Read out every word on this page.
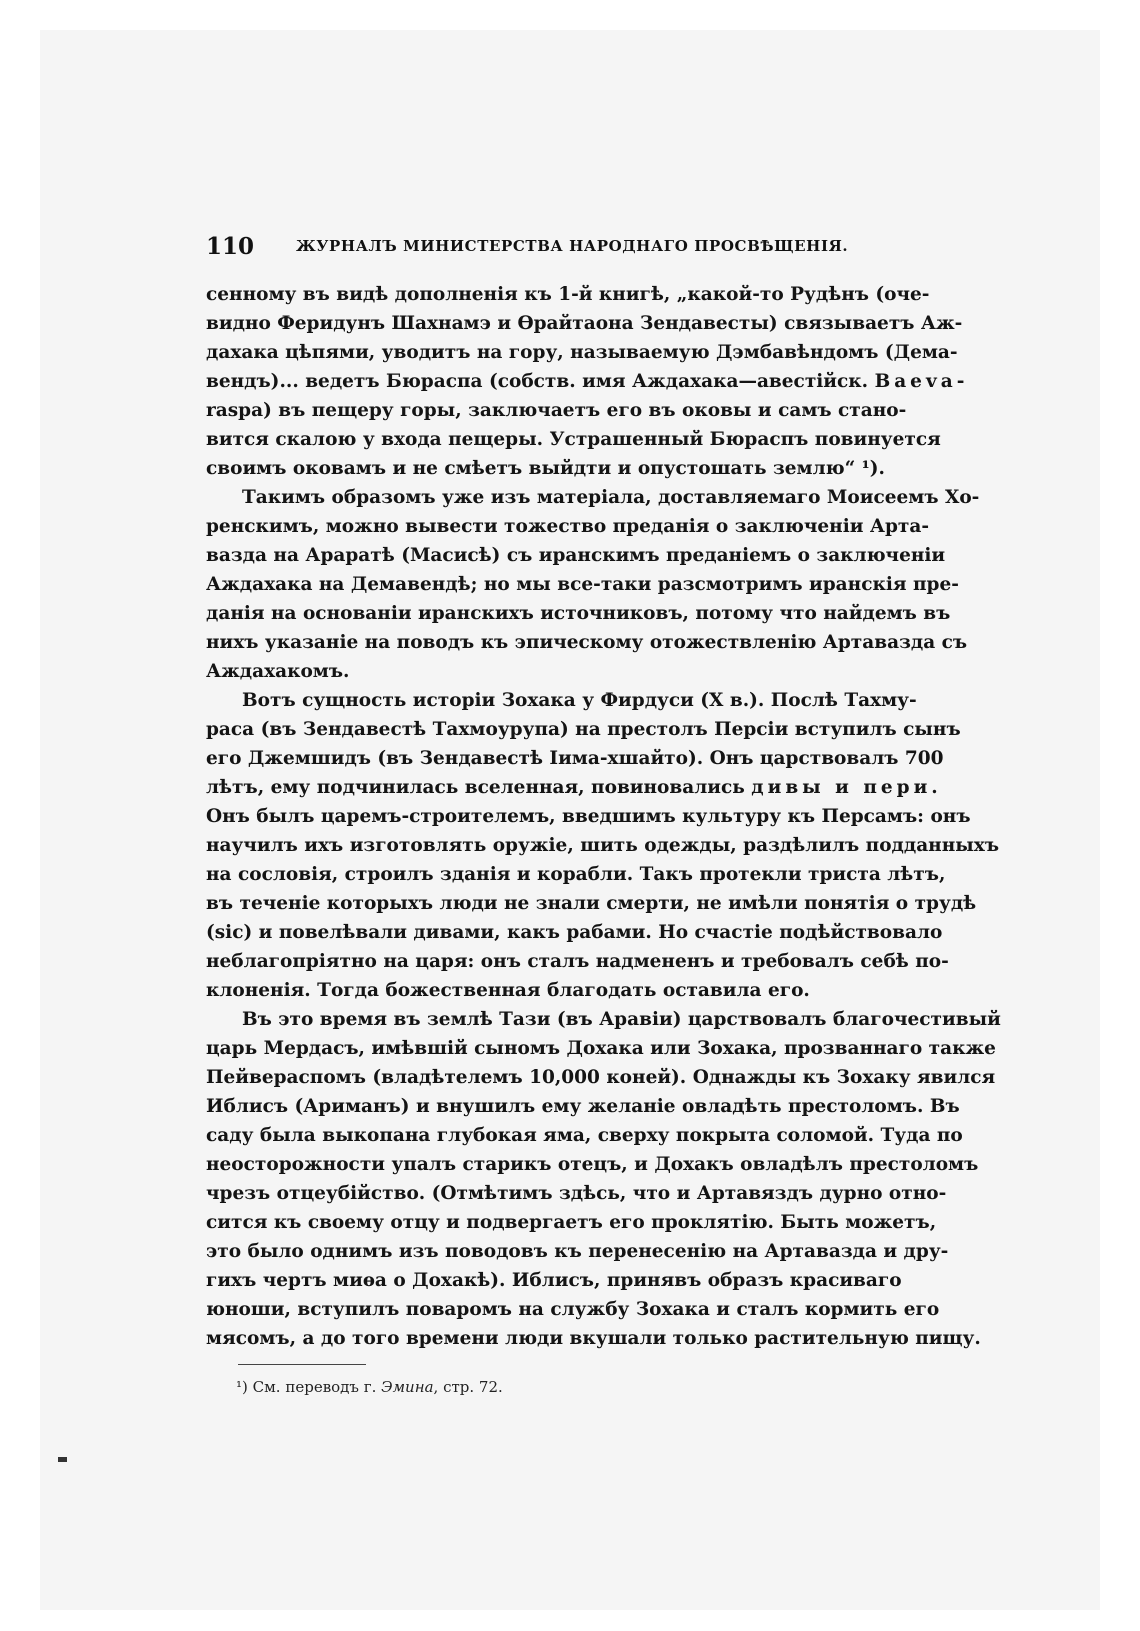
110	ЖУРНАЛЪ МИНИСТЕРСТВА НАРОДНАГО ПРОСВѢЩЕНІЯ.
сенному въ видѣ дополненія къ 1-й книгѣ, „какой-то Рудѣнъ (оче-
видно Феридунъ Шахнамэ и Ѳрайтаона Зендавесты) связываетъ Аж-
дахака цѣпями, уводитъ на гору, называемую Дэмбавѣндомъ (Дема-
вендъ)... ведетъ Бюраспа (собств. имя Аждахака—авестійск. Baeva-
rаsра) въ пещеру горы, заключаетъ его въ оковы и самъ стано-
вится скалою у входа пещеры. Устрашенный Бюраспъ повинуется
своимъ оковамъ и не смѣетъ выйдти и опустошать землю“ ¹).
Такимъ образомъ уже изъ матеріала, доставляемаго Моисеемъ Хо-
ренскимъ, можно вывести тожество преданія о заключеніи Арта-
вазда на Араратѣ (Масисѣ) съ иранскимъ преданіемъ о заключеніи
Аждахака на Демавендѣ; но мы все-таки разсмотримъ иранскія пре-
данія на основаніи иранскихъ источниковъ, потому что найдемъ въ
нихъ указаніе на поводъ къ эпическому отожествленію Артавазда съ
Аждахакомъ.
Вотъ сущность исторіи Зохака у Фирдуси (X в.). Послѣ Тахму-
раса (въ Зендавестѣ Тахмоурупа) на престолъ Персіи вступилъ сынъ
его Джемшидъ (въ Зендавестѣ Іима-хшайто). Онъ царствовалъ 700
лѣтъ, ему подчинилась вселенная, повиновались дивы и пери.
Онъ былъ царемъ-строителемъ, введшимъ культуру къ Персамъ: онъ
научилъ ихъ изготовлять оружіе, шить одежды, раздѣлилъ подданныхъ
на сословія, строилъ зданія и корабли. Такъ протекли триста лѣтъ,
въ теченіе которыхъ люди не знали смерти, не имѣли понятія о трудѣ
(sic) и повелѣвали дивами, какъ рабами. Но счастіе подѣйствовало
неблагопріятно на царя: онъ сталъ надмененъ и требовалъ себѣ по-
клоненія. Тогда божественная благодать оставила его.
Въ это время въ землѣ Тази (въ Аравіи) царствовалъ благочестивый
царь Мердасъ, имѣвшій сыномъ Дохака или Зохака, прозваннаго также
Пейвераспомъ (владѣтелемъ 10,000 коней). Однажды къ Зохаку явился
Иблисъ (Ариманъ) и внушилъ ему желаніе овладѣть престоломъ. Въ
саду была выкопана глубокая яма, сверху покрыта соломой. Туда по
неосторожности упалъ старикъ отецъ, и Дохакъ овладѣлъ престоломъ
чрезъ отцеубійство. (Отмѣтимъ здѣсь, что и Артавяздъ дурно отно-
сится къ своему отцу и подвергаетъ его проклятію. Быть можетъ,
это было однимъ изъ поводовъ къ перенесенію на Артавазда и дру-
гихъ чертъ миѳа о Дохакѣ). Иблисъ, принявъ образъ красиваго
юноши, вступилъ поваромъ на службу Зохака и сталъ кормить его
мясомъ, а до того времени люди вкушали только растительную пищу.
¹) См. переводъ г. Эмина, стр. 72.
